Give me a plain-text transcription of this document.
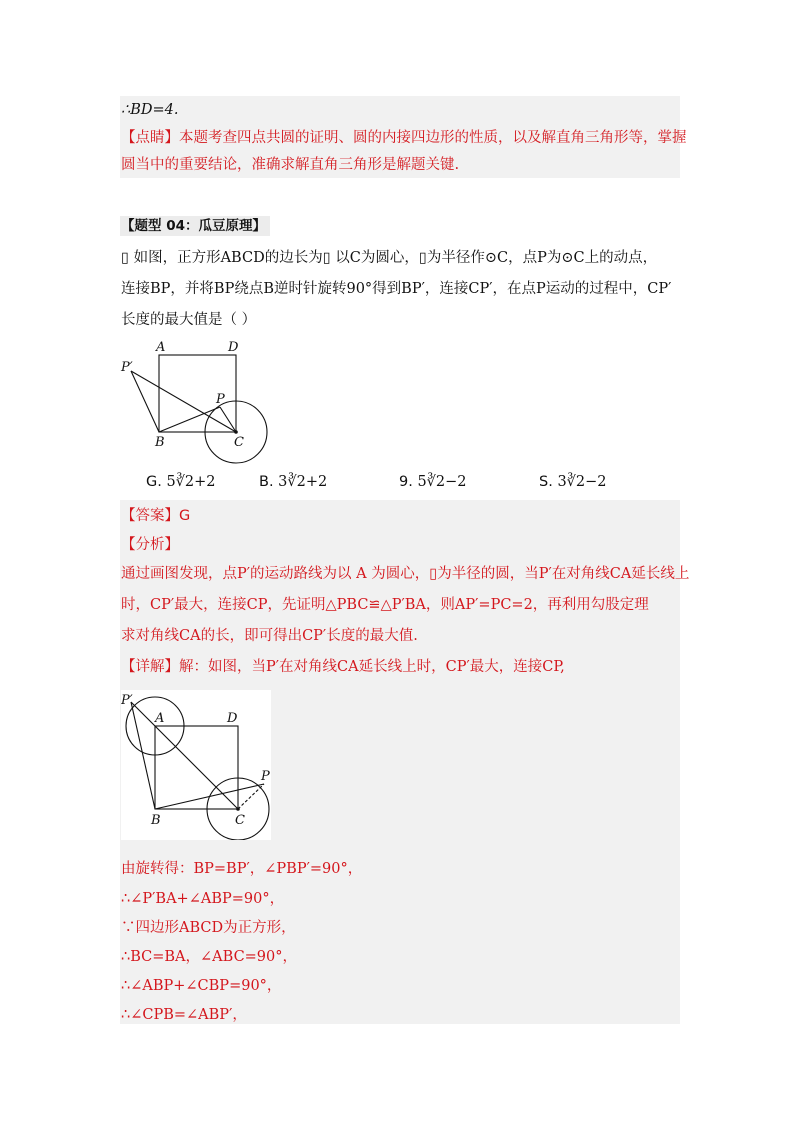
∴BD=4.
【点睛】本题考查四点共圆的证明、圆的内接四边形的性质，以及解直角三角形等，掌握
圆当中的重要结论，准确求解直角三角形是解题关键.
【题型 04：瓜豆原理】
▯ 如图，正方形ABCD的边长为▯ 以C为圆心，▯为半径作⊙C，点P为⊙C上的动点，
连接BP，并将BP绕点B逆时针旋转90°得到BP′，连接CP′，在点P运动的过程中，CP′
长度的最大值是（ ）
A	D
P′
P
B	C
G. 5∛2+2	B. 3∛2+2	9. 5∛2−2	S. 3∛2−2
【答案】G
【分析】
通过画图发现，点P′的运动路线为以 A 为圆心，▯为半径的圆，当P′在对角线CA延长线上
时，CP′最大，连接CP，先证明△PBC≌△P′BA，则AP′=PC=2，再利用勾股定理
求对角线CA的长，即可得出CP′长度的最大值.
【详解】解：如图，当P′在对角线CA延长线上时，CP′最大，连接CP,
P′
A	D
P
B	C
由旋转得：BP=BP′，∠PBP′=90°，
∴∠P′BA+∠ABP=90°，
∵四边形ABCD为正方形，
∴BC=BA，∠ABC=90°，
∴∠ABP+∠CBP=90°，
∴∠CPB=∠ABP′，
